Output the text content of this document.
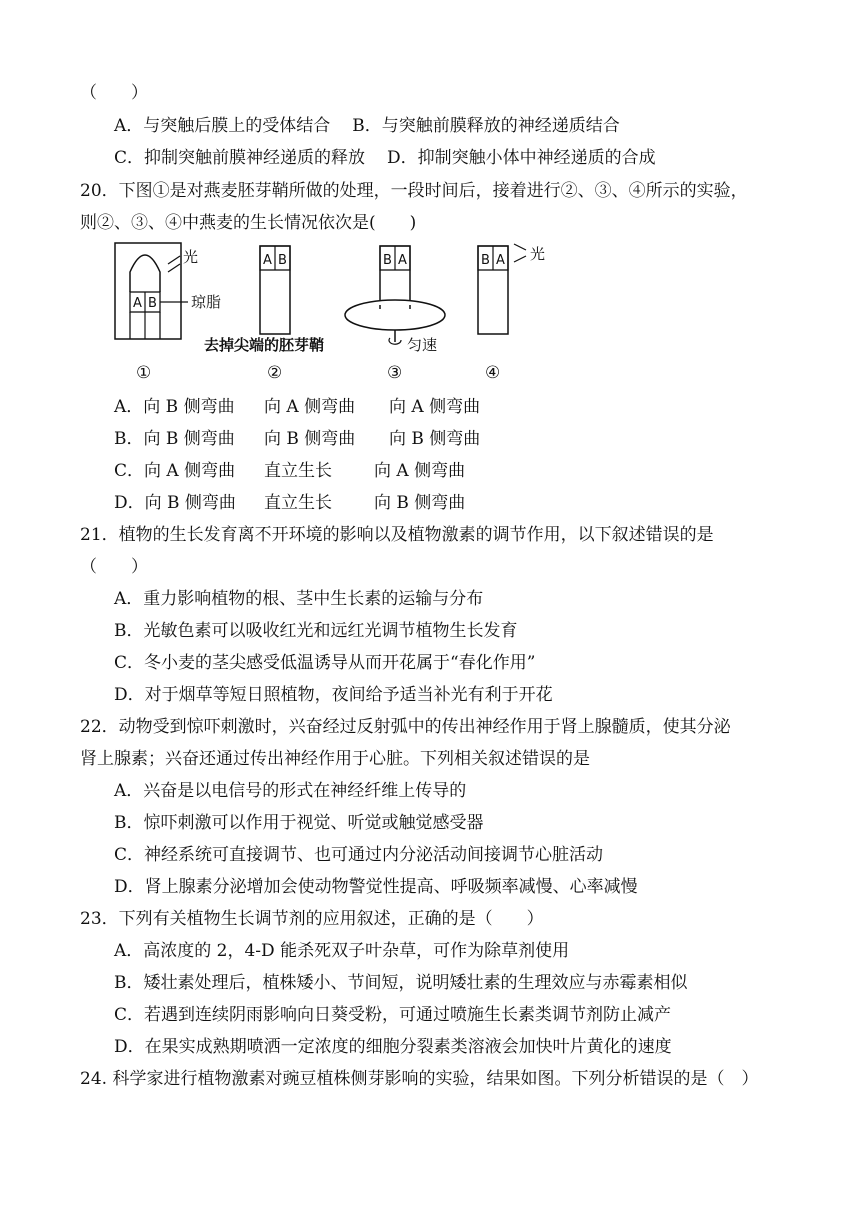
（　　）
A．与突触后膜上的受体结合 B．与突触前膜释放的神经递质结合
C．抑制突触前膜神经递质的释放 D．抑制突触小体中神经递质的合成
20．下图①是对燕麦胚芽鞘所做的处理，一段时间后，接着进行②、③、④所示的实验，
则②、③、④中燕麦的生长情况依次是(　　)
A B
光
琼脂
A B	B A
匀速
B A 光
去掉尖端的胚芽鞘
①	②	③	④
A．向 B 侧弯曲 向 A 侧弯曲 向 A 侧弯曲
B．向 B 侧弯曲 向 B 侧弯曲 向 B 侧弯曲
C．向 A 侧弯曲 直立生长 向 A 侧弯曲
D．向 B 侧弯曲 直立生长 向 B 侧弯曲
21．植物的生长发育离不开环境的影响以及植物激素的调节作用，以下叙述错误的是
（　　）
A．重力影响植物的根、茎中生长素的运输与分布
B．光敏色素可以吸收红光和远红光调节植物生长发育
C．冬小麦的茎尖感受低温诱导从而开花属于“春化作用”
D．对于烟草等短日照植物，夜间给予适当补光有利于开花
22．动物受到惊吓刺激时，兴奋经过反射弧中的传出神经作用于肾上腺髓质，使其分泌
肾上腺素；兴奋还通过传出神经作用于心脏。下列相关叙述错误的是
A．兴奋是以电信号的形式在神经纤维上传导的
B．惊吓刺激可以作用于视觉、听觉或触觉感受器
C．神经系统可直接调节、也可通过内分泌活动间接调节心脏活动
D．肾上腺素分泌增加会使动物警觉性提高、呼吸频率减慢、心率减慢
23．下列有关植物生长调节剂的应用叙述，正确的是（　　）
A．高浓度的 2，4-D 能杀死双子叶杂草，可作为除草剂使用
B．矮壮素处理后，植株矮小、节间短，说明矮壮素的生理效应与赤霉素相似
C．若遇到连续阴雨影响向日葵受粉，可通过喷施生长素类调节剂防止减产
D．在果实成熟期喷洒一定浓度的细胞分裂素类溶液会加快叶片黄化的速度
24. 科学家进行植物激素对豌豆植株侧芽影响的实验，结果如图。下列分析错误的是（　）
